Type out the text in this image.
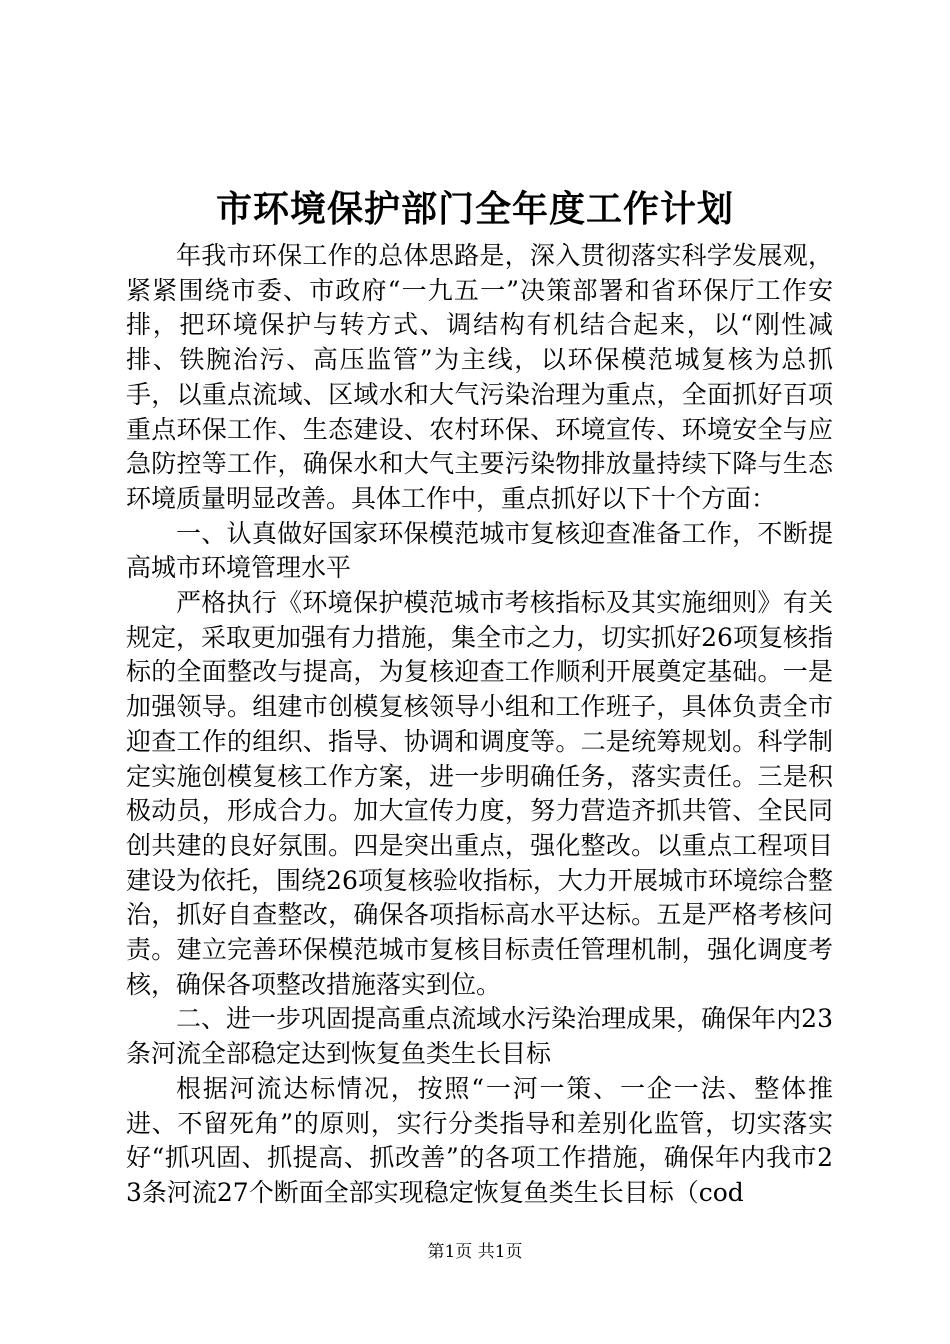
市环境保护部门全年度工作计划

年我市环保工作的总体思路是，深入贯彻落实科学发展观，紧紧围绕市委、市政府“一九五一”决策部署和省环保厅工作安排，把环境保护与转方式、调结构有机结合起来，以“刚性减排、铁腕治污、高压监管”为主线，以环保模范城复核为总抓手，以重点流域、区域水和大气污染治理为重点，全面抓好百项重点环保工作、生态建设、农村环保、环境宣传、环境安全与应急防控等工作，确保水和大气主要污染物排放量持续下降与生态环境质量明显改善。具体工作中，重点抓好以下十个方面：

一、认真做好国家环保模范城市复核迎查准备工作，不断提高城市环境管理水平

严格执行《环境保护模范城市考核指标及其实施细则》有关规定，采取更加强有力措施，集全市之力，切实抓好26项复核指标的全面整改与提高，为复核迎查工作顺利开展奠定基础。一是加强领导。组建市创模复核领导小组和工作班子，具体负责全市迎查工作的组织、指导、协调和调度等。二是统筹规划。科学制定实施创模复核工作方案，进一步明确任务，落实责任。三是积极动员，形成合力。加大宣传力度，努力营造齐抓共管、全民同创共建的良好氛围。四是突出重点，强化整改。以重点工程项目建设为依托，围绕26项复核验收指标，大力开展城市环境综合整治，抓好自查整改，确保各项指标高水平达标。五是严格考核问责。建立完善环保模范城市复核目标责任管理机制，强化调度考核，确保各项整改措施落实到位。

二、进一步巩固提高重点流域水污染治理成果，确保年内23条河流全部稳定达到恢复鱼类生长目标

根据河流达标情况，按照“一河一策、一企一法、整体推进、不留死角”的原则，实行分类指导和差别化监管，切实落实好“抓巩固、抓提高、抓改善”的各项工作措施，确保年内我市23条河流27个断面全部实现稳定恢复鱼类生长目标（cod

第1页 共1页
